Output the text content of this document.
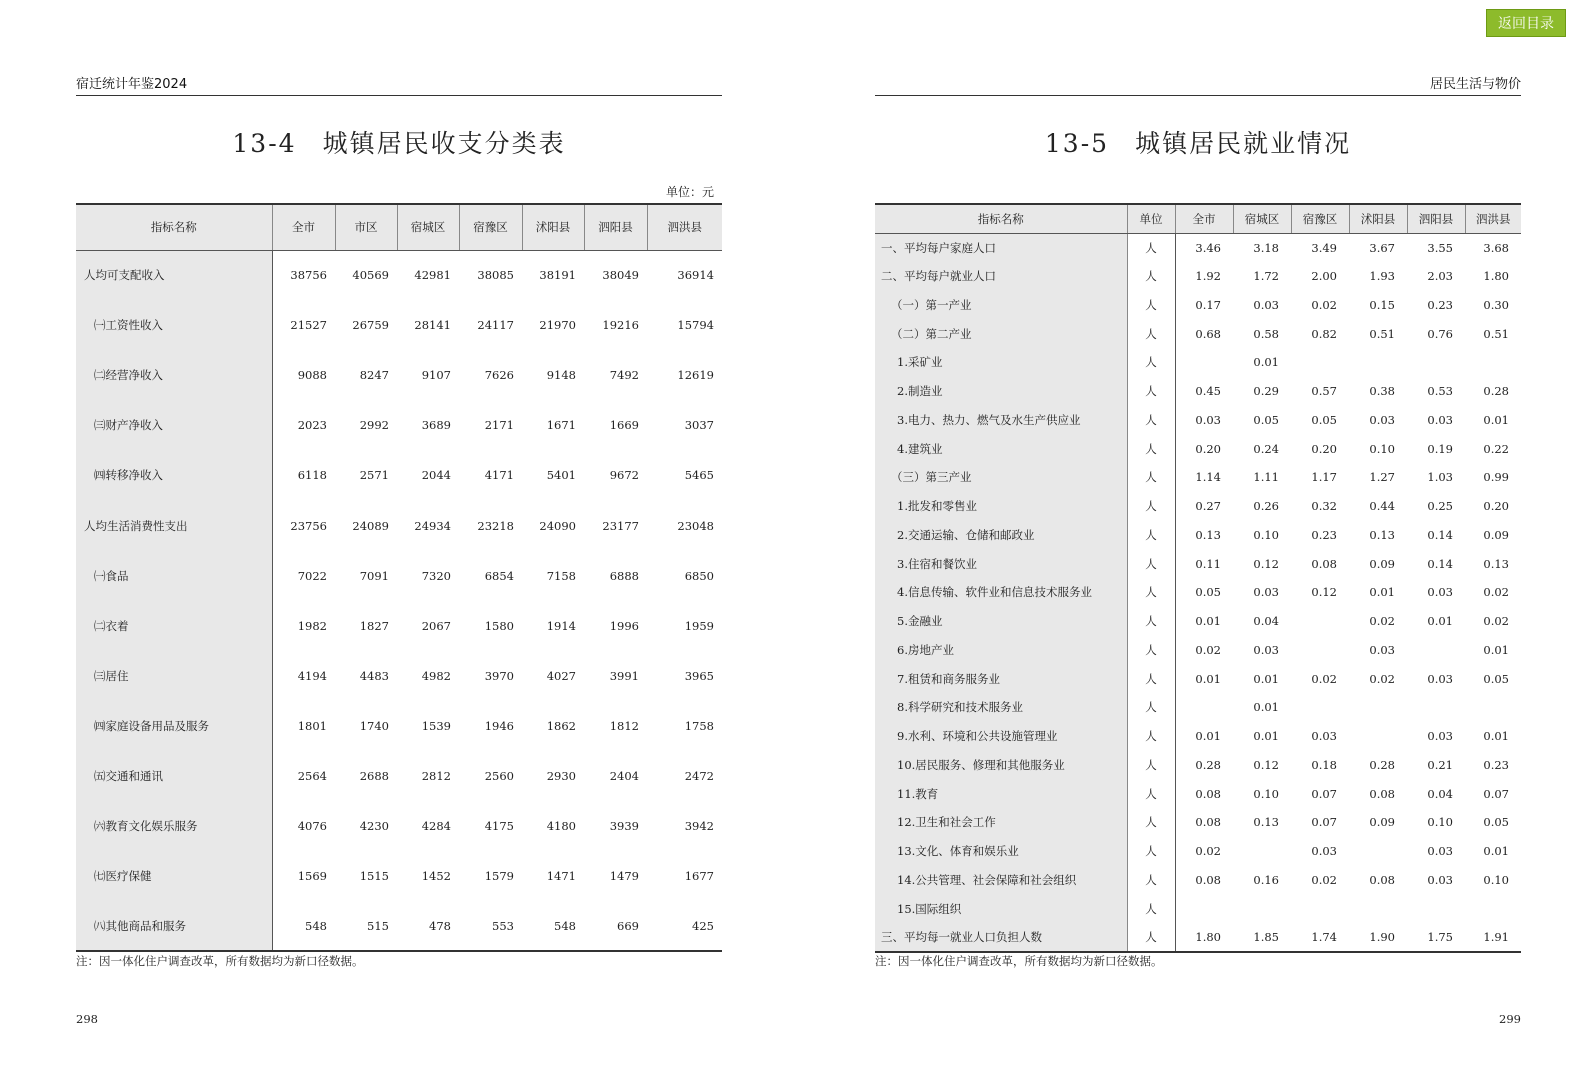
返回目录
宿迁统计年鉴2024
13-4 城镇居民收支分类表
单位：元
指标名称	全市	市区	宿城区	宿豫区	沭阳县	泗阳县	泗洪县
人均可支配收入	38756	40569	42981	38085	38191	38049	36914
㈠工资性收入	21527	26759	28141	24117	21970	19216	15794
㈡经营净收入	9088	8247	9107	7626	9148	7492	12619
㈢财产净收入	2023	2992	3689	2171	1671	1669	3037
㈣转移净收入	6118	2571	2044	4171	5401	9672	5465
人均生活消费性支出	23756	24089	24934	23218	24090	23177	23048
㈠食品	7022	7091	7320	6854	7158	6888	6850
㈡衣着	1982	1827	2067	1580	1914	1996	1959
㈢居住	4194	4483	4982	3970	4027	3991	3965
㈣家庭设备用品及服务	1801	1740	1539	1946	1862	1812	1758
㈤交通和通讯	2564	2688	2812	2560	2930	2404	2472
㈥教育文化娱乐服务	4076	4230	4284	4175	4180	3939	3942
㈦医疗保健	1569	1515	1452	1579	1471	1479	1677
㈧其他商品和服务	548	515	478	553	548	669	425
注：因一体化住户调查改革，所有数据均为新口径数据。
298
居民生活与物价
13-5 城镇居民就业情况
指标名称	单位	全市	宿城区	宿豫区	沭阳县	泗阳县	泗洪县
一、平均每户家庭人口	人	3.46	3.18	3.49	3.67	3.55	3.68
二、平均每户就业人口	人	1.92	1.72	2.00	1.93	2.03	1.80
（一）第一产业	人	0.17	0.03	0.02	0.15	0.23	0.30
（二）第二产业	人	0.68	0.58	0.82	0.51	0.76	0.51
1.采矿业	人		0.01				
2.制造业	人	0.45	0.29	0.57	0.38	0.53	0.28
3.电力、热力、燃气及水生产供应业	人	0.03	0.05	0.05	0.03	0.03	0.01
4.建筑业	人	0.20	0.24	0.20	0.10	0.19	0.22
（三）第三产业	人	1.14	1.11	1.17	1.27	1.03	0.99
1.批发和零售业	人	0.27	0.26	0.32	0.44	0.25	0.20
2.交通运输、仓储和邮政业	人	0.13	0.10	0.23	0.13	0.14	0.09
3.住宿和餐饮业	人	0.11	0.12	0.08	0.09	0.14	0.13
4.信息传输、软件业和信息技术服务业	人	0.05	0.03	0.12	0.01	0.03	0.02
5.金融业	人	0.01	0.04		0.02	0.01	0.02
6.房地产业	人	0.02	0.03		0.03		0.01
7.租赁和商务服务业	人	0.01	0.01	0.02	0.02	0.03	0.05
8.科学研究和技术服务业	人		0.01				
9.水利、环境和公共设施管理业	人	0.01	0.01	0.03		0.03	0.01
10.居民服务、修理和其他服务业	人	0.28	0.12	0.18	0.28	0.21	0.23
11.教育	人	0.08	0.10	0.07	0.08	0.04	0.07
12.卫生和社会工作	人	0.08	0.13	0.07	0.09	0.10	0.05
13.文化、体育和娱乐业	人	0.02		0.03		0.03	0.01
14.公共管理、社会保障和社会组织	人	0.08	0.16	0.02	0.08	0.03	0.10
15.国际组织	人						
三、平均每一就业人口负担人数	人	1.80	1.85	1.74	1.90	1.75	1.91
注：因一体化住户调查改革，所有数据均为新口径数据。
299
